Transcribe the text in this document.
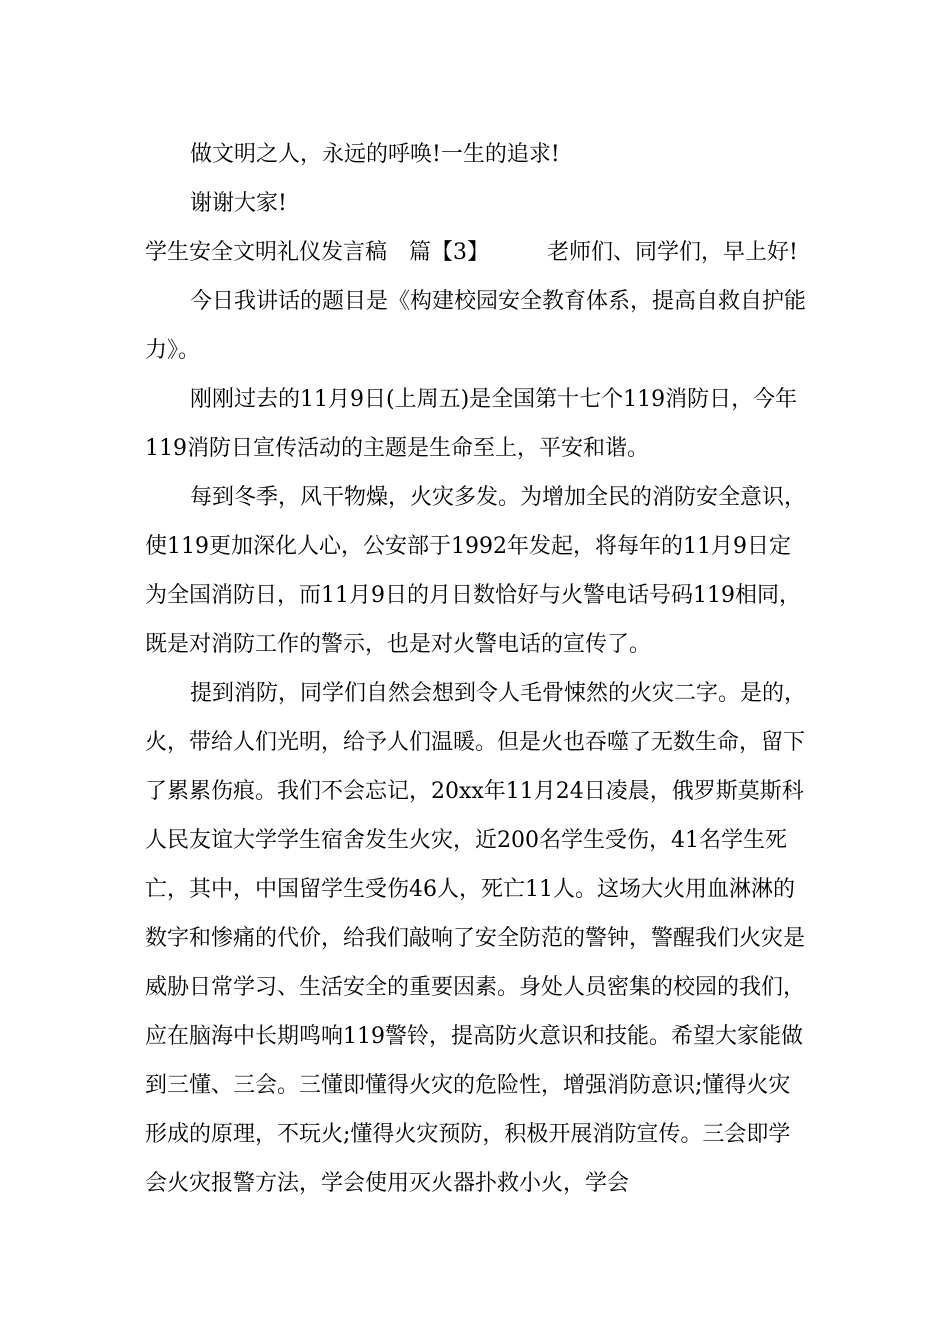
做文明之人，永远的呼唤!一生的追求!

谢谢大家!

学生安全文明礼仪发言稿 篇【3】	老师们、同学们，早上好!

今日我讲话的题目是《构建校园安全教育体系，提高自救自护能力》。

刚刚过去的11月9日(上周五)是全国第十七个119消防日，今年119消防日宣传活动的主题是生命至上，平安和谐。

每到冬季，风干物燥，火灾多发。为增加全民的消防安全意识，使119更加深化人心，公安部于1992年发起，将每年的11月9日定为全国消防日，而11月9日的月日数恰好与火警电话号码119相同，既是对消防工作的警示，也是对火警电话的宣传了。

提到消防，同学们自然会想到令人毛骨悚然的火灾二字。是的，火，带给人们光明，给予人们温暖。但是火也吞噬了无数生命，留下了累累伤痕。我们不会忘记，20xx年11月24日凌晨，俄罗斯莫斯科人民友谊大学学生宿舍发生火灾，近200名学生受伤，41名学生死亡，其中，中国留学生受伤46人，死亡11人。这场大火用血淋淋的数字和惨痛的代价，给我们敲响了安全防范的警钟，警醒我们火灾是威胁日常学习、生活安全的重要因素。身处人员密集的校园的我们，应在脑海中长期鸣响119警铃，提高防火意识和技能。希望大家能做到三懂、三会。三懂即懂得火灾的危险性，增强消防意识;懂得火灾形成的原理，不玩火;懂得火灾预防，积极开展消防宣传。三会即学会火灾报警方法，学会使用灭火器扑救小火，学会
